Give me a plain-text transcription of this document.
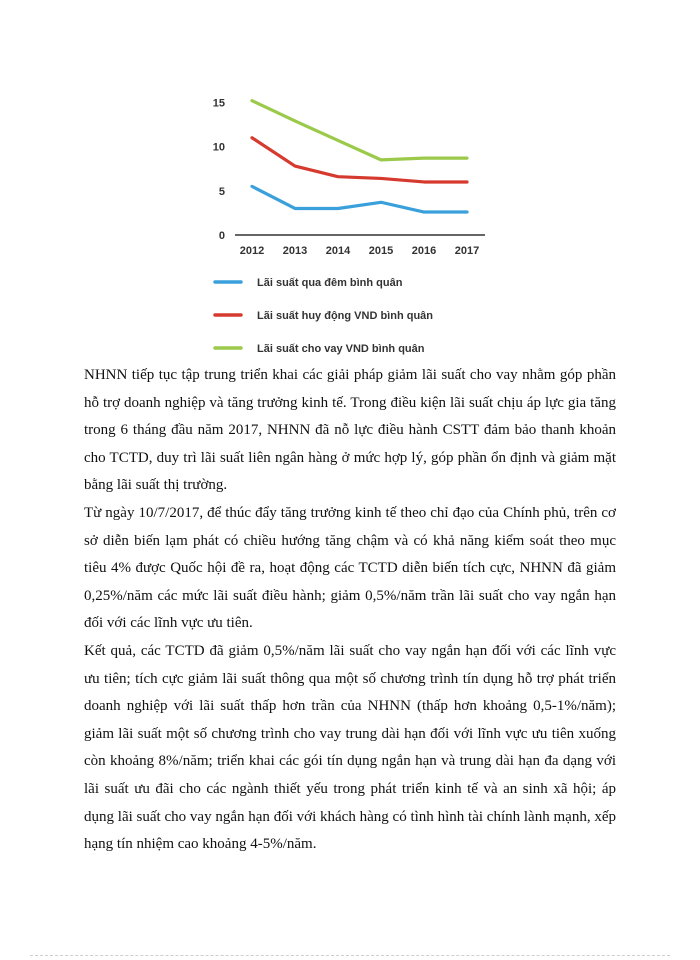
0
5
10
15
2012 2013 2014 2015 2016 2017
Lãi suất qua đêm bình quân
Lãi suất huy động VND bình quân
Lãi suất cho vay VND bình quân

NHNN tiếp tục tập trung triển khai các giải pháp giảm lãi suất cho vay nhằm góp phần hỗ trợ doanh nghiệp và tăng trưởng kinh tế. Trong điều kiện lãi suất chịu áp lực gia tăng trong 6 tháng đầu năm 2017, NHNN đã nỗ lực điều hành CSTT đảm bảo thanh khoản cho TCTD, duy trì lãi suất liên ngân hàng ở mức hợp lý, góp phần ổn định và giảm mặt bằng lãi suất thị trường.

Từ ngày 10/7/2017, để thúc đẩy tăng trưởng kinh tế theo chỉ đạo của Chính phủ, trên cơ sở diễn biến lạm phát có chiều hướng tăng chậm và có khả năng kiểm soát theo mục tiêu 4% được Quốc hội đề ra, hoạt động các TCTD diễn biến tích cực, NHNN đã giảm 0,25%/năm các mức lãi suất điều hành; giảm 0,5%/năm trần lãi suất cho vay ngắn hạn đối với các lĩnh vực ưu tiên.

Kết quả, các TCTD đã giảm 0,5%/năm lãi suất cho vay ngắn hạn đối với các lĩnh vực ưu tiên; tích cực giảm lãi suất thông qua một số chương trình tín dụng hỗ trợ phát triển doanh nghiệp với lãi suất thấp hơn trần của NHNN (thấp hơn khoảng 0,5-1%/năm); giảm lãi suất một số chương trình cho vay trung dài hạn đối với lĩnh vực ưu tiên xuống còn khoảng 8%/năm; triển khai các gói tín dụng ngắn hạn và trung dài hạn đa dạng với lãi suất ưu đãi cho các ngành thiết yếu trong phát triển kinh tế và an sinh xã hội; áp dụng lãi suất cho vay ngắn hạn đối với khách hàng có tình hình tài chính lành mạnh, xếp hạng tín nhiệm cao khoảng 4-5%/năm.
